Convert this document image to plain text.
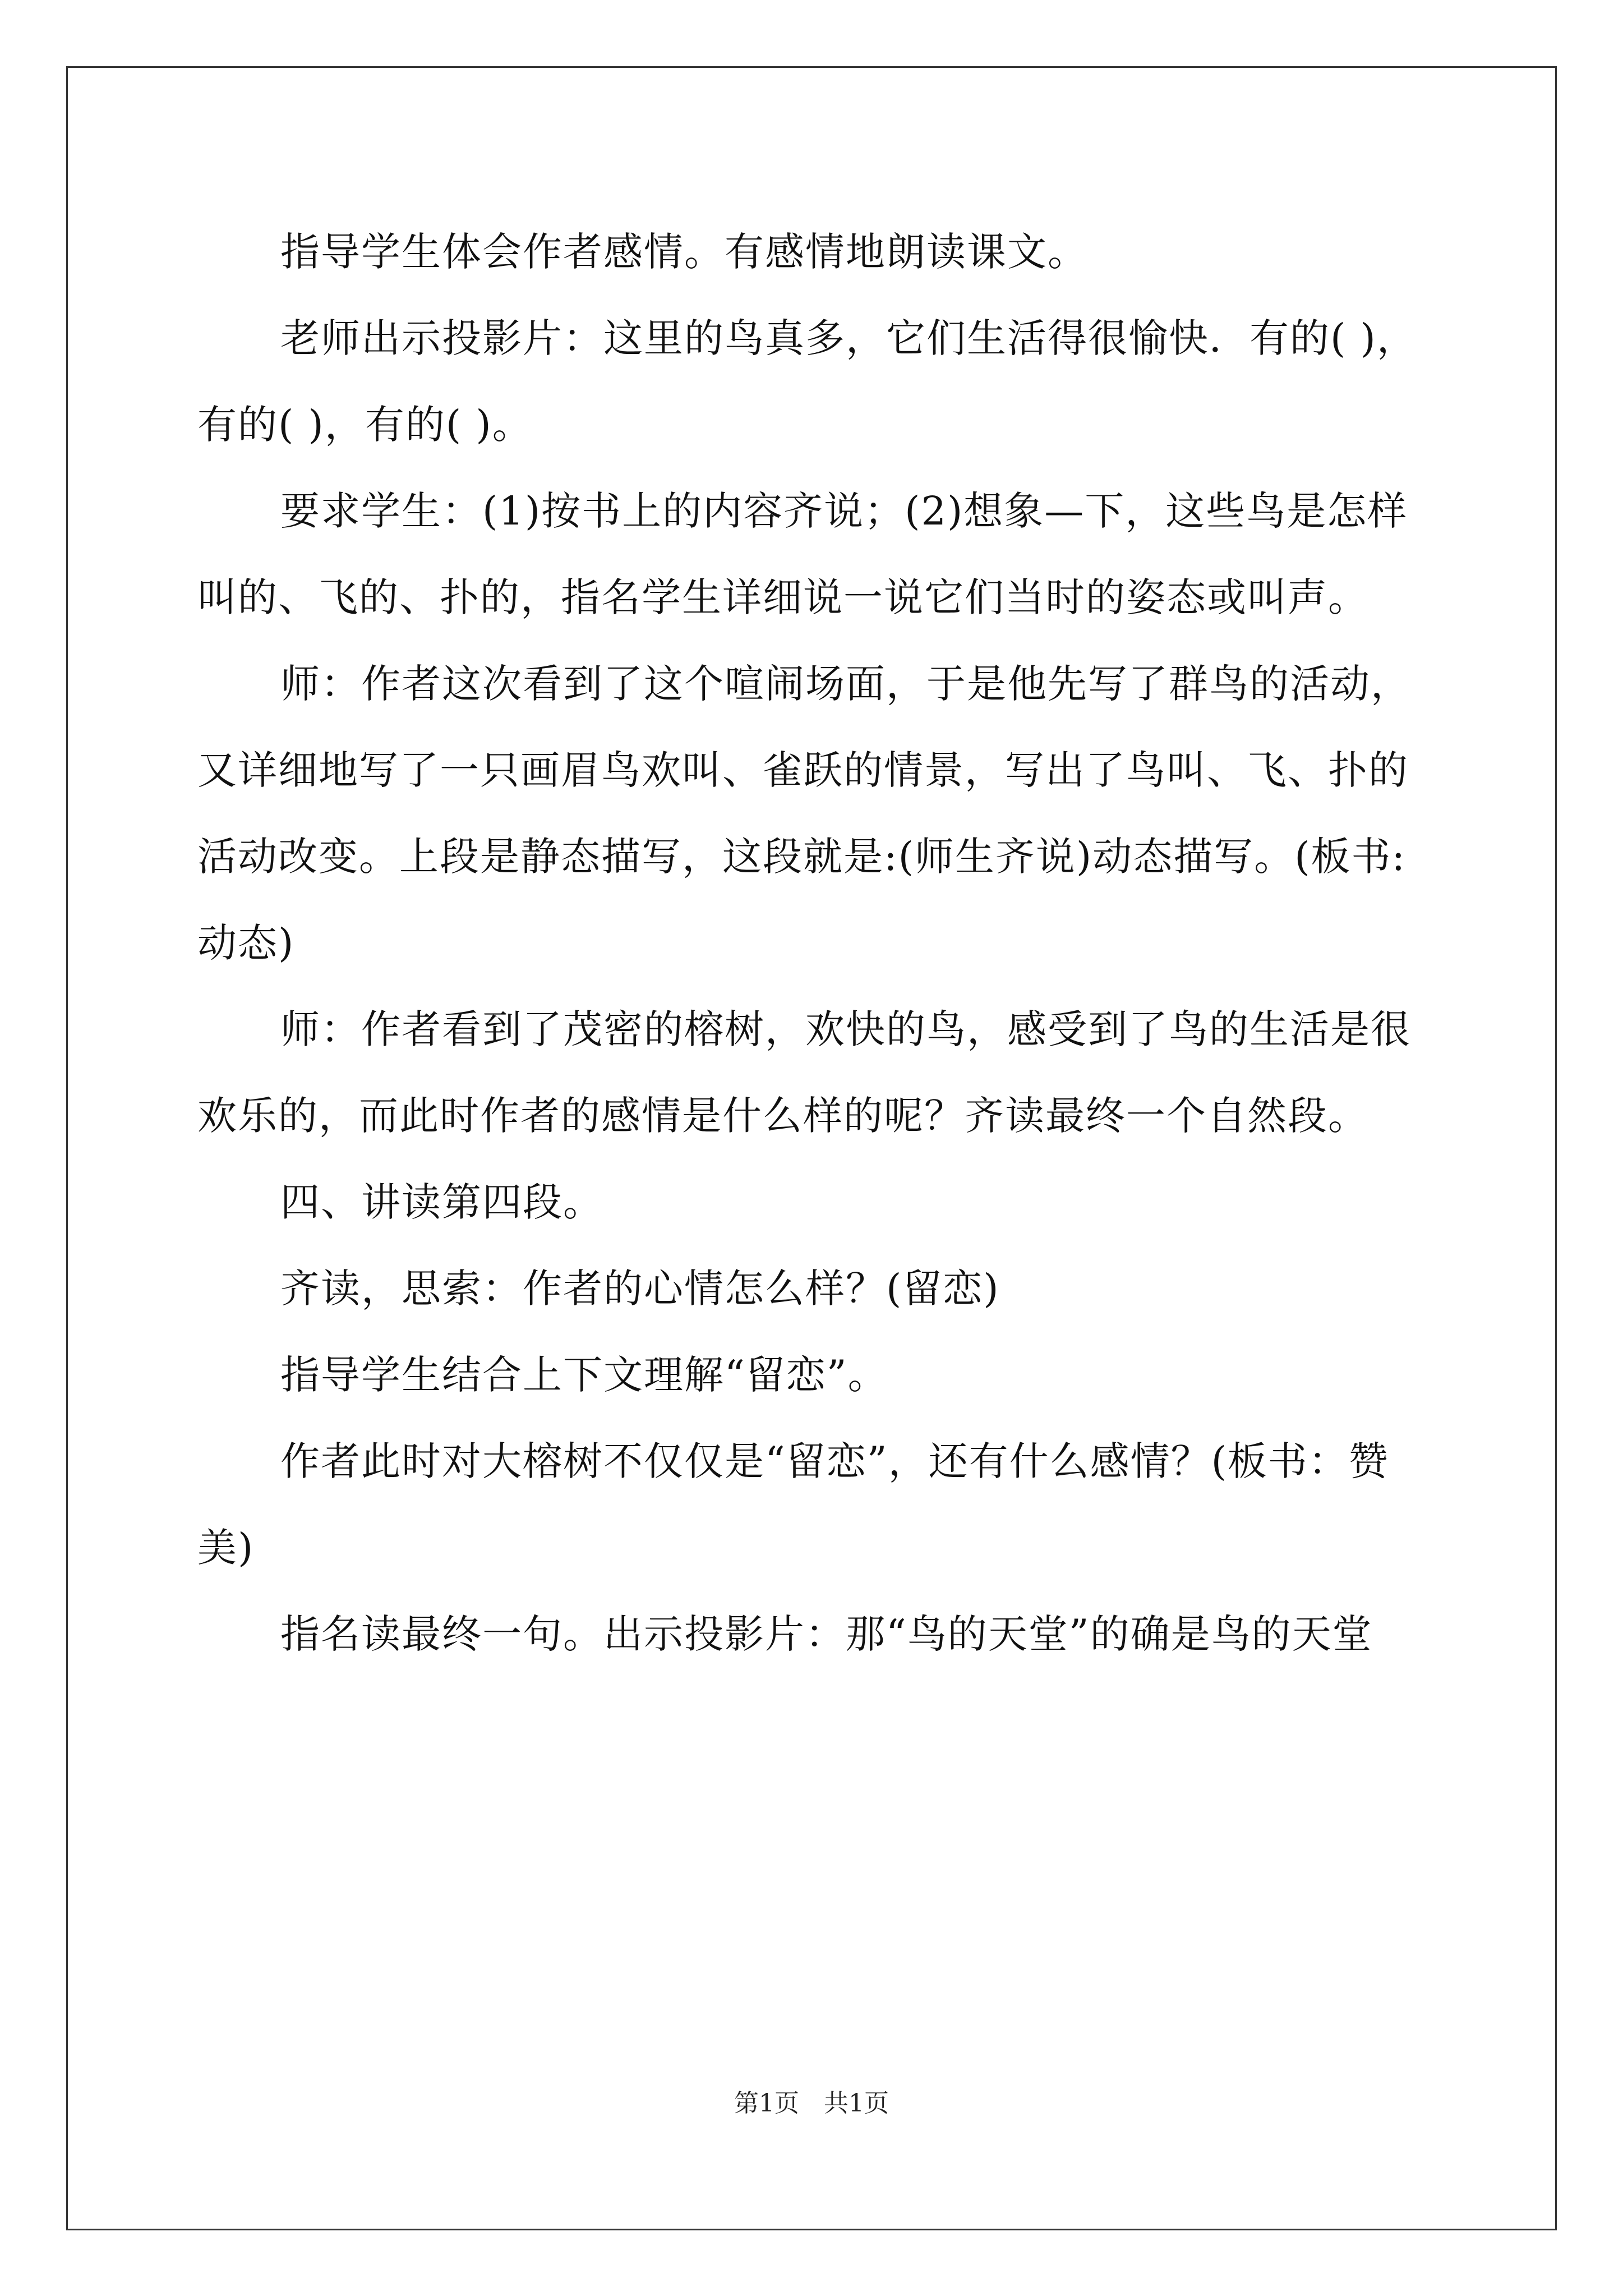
指导学生体会作者感情。有感情地朗读课文。

老师出示投影片：这里的鸟真多，它们生活得很愉快．有的( )，有的( )，有的( )。

要求学生：(1)按书上的内容齐说；(2)想象—下，这些鸟是怎样叫的、飞的、扑的，指名学生详细说一说它们当时的姿态或叫声。

师：作者这次看到了这个喧闹场面，于是他先写了群鸟的活动，又详细地写了一只画眉鸟欢叫、雀跃的情景，写出了鸟叫、飞、扑的活动改变。上段是静态描写，这段就是:(师生齐说)动态描写。(板书:动态)

师：作者看到了茂密的榕树，欢快的鸟，感受到了鸟的生活是很欢乐的，而此时作者的感情是什么样的呢？齐读最终一个自然段。

四、讲读第四段。

齐读，思索：作者的心情怎么样？(留恋)

指导学生结合上下文理解“留恋”。

作者此时对大榕树不仅仅是“留恋”，还有什么感情？(板书：赞美)

指名读最终一句。出示投影片：那“鸟的天堂”的确是鸟的天堂

第1页　共1页
